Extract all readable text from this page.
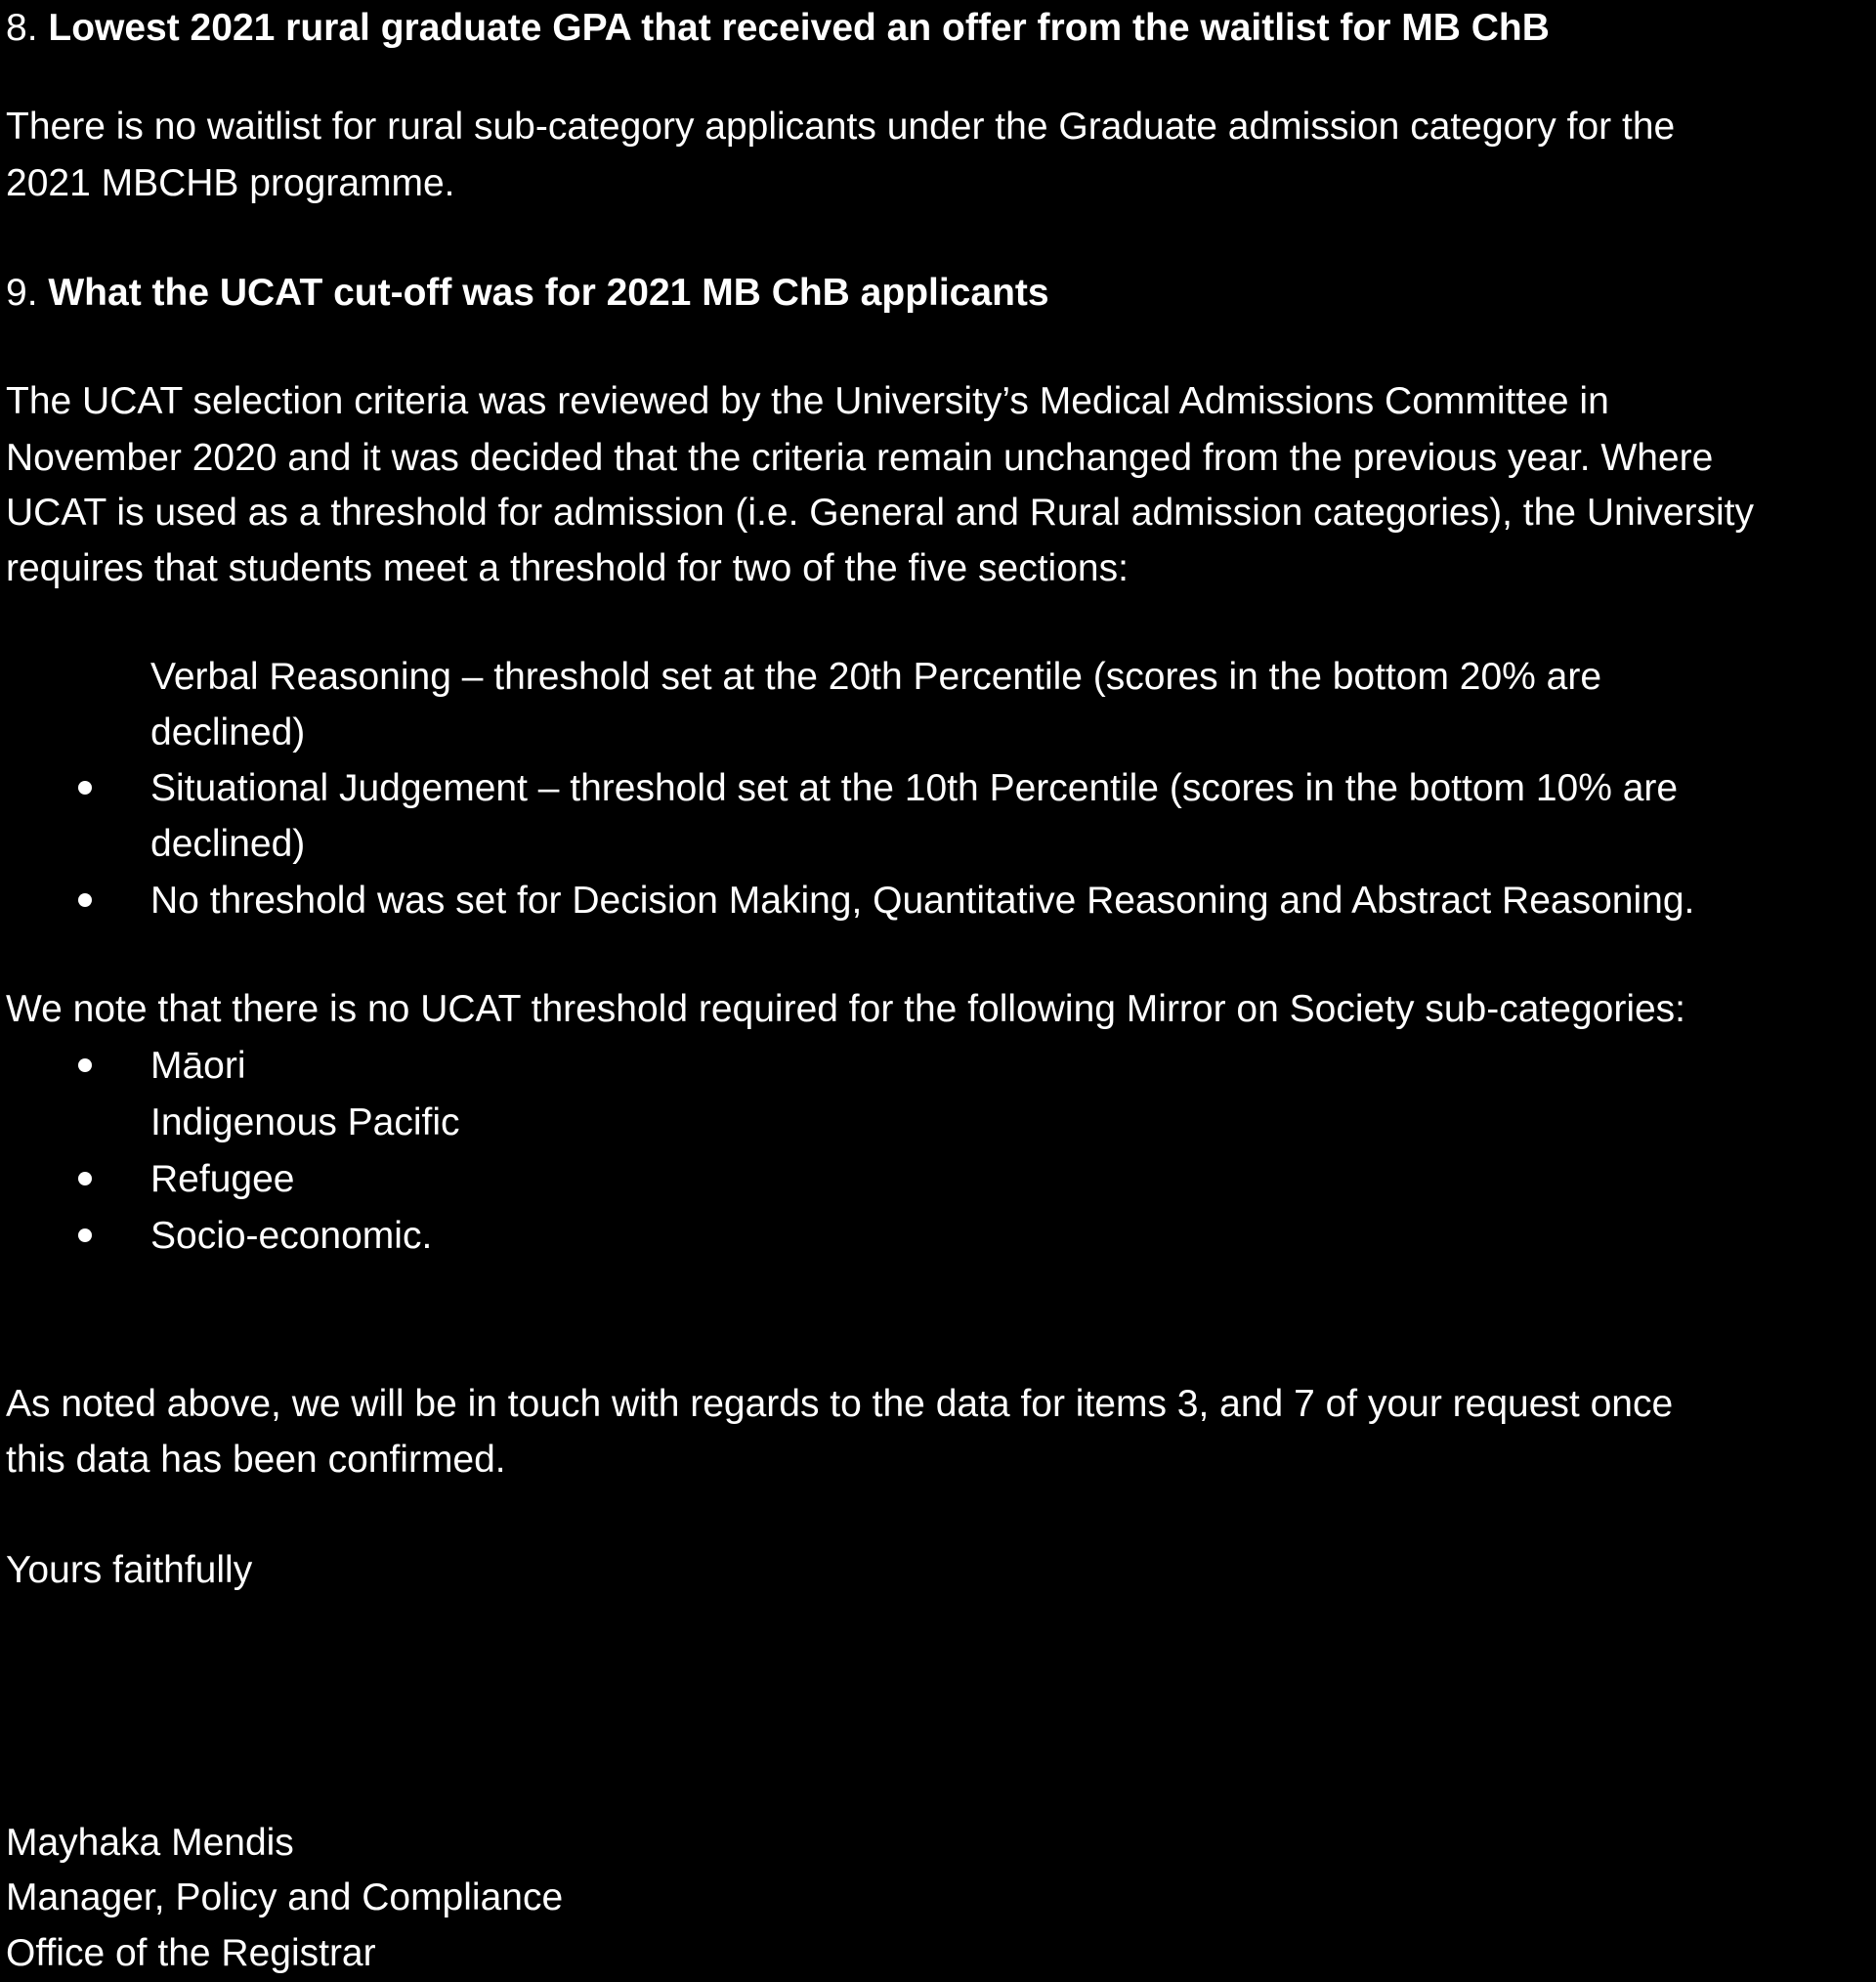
8. Lowest 2021 rural graduate GPA that received an offer from the waitlist for MB ChB
There is no waitlist for rural sub-category applicants under the Graduate admission category for the
2021 MBCHB programme.
9. What the UCAT cut-off was for 2021 MB ChB applicants
The UCAT selection criteria was reviewed by the University’s Medical Admissions Committee in
November 2020 and it was decided that the criteria remain unchanged from the previous year. Where
UCAT is used as a threshold for admission (i.e. General and Rural admission categories), the University
requires that students meet a threshold for two of the five sections:
Verbal Reasoning – threshold set at the 20th Percentile (scores in the bottom 20% are
declined)
Situational Judgement – threshold set at the 10th Percentile (scores in the bottom 10% are
declined)
No threshold was set for Decision Making, Quantitative Reasoning and Abstract Reasoning.
We note that there is no UCAT threshold required for the following Mirror on Society sub-categories:
Māori
Indigenous Pacific
Refugee
Socio-economic.
As noted above, we will be in touch with regards to the data for items 3, and 7 of your request once
this data has been confirmed.
Yours faithfully
Mayhaka Mendis
Manager, Policy and Compliance
Office of the Registrar
